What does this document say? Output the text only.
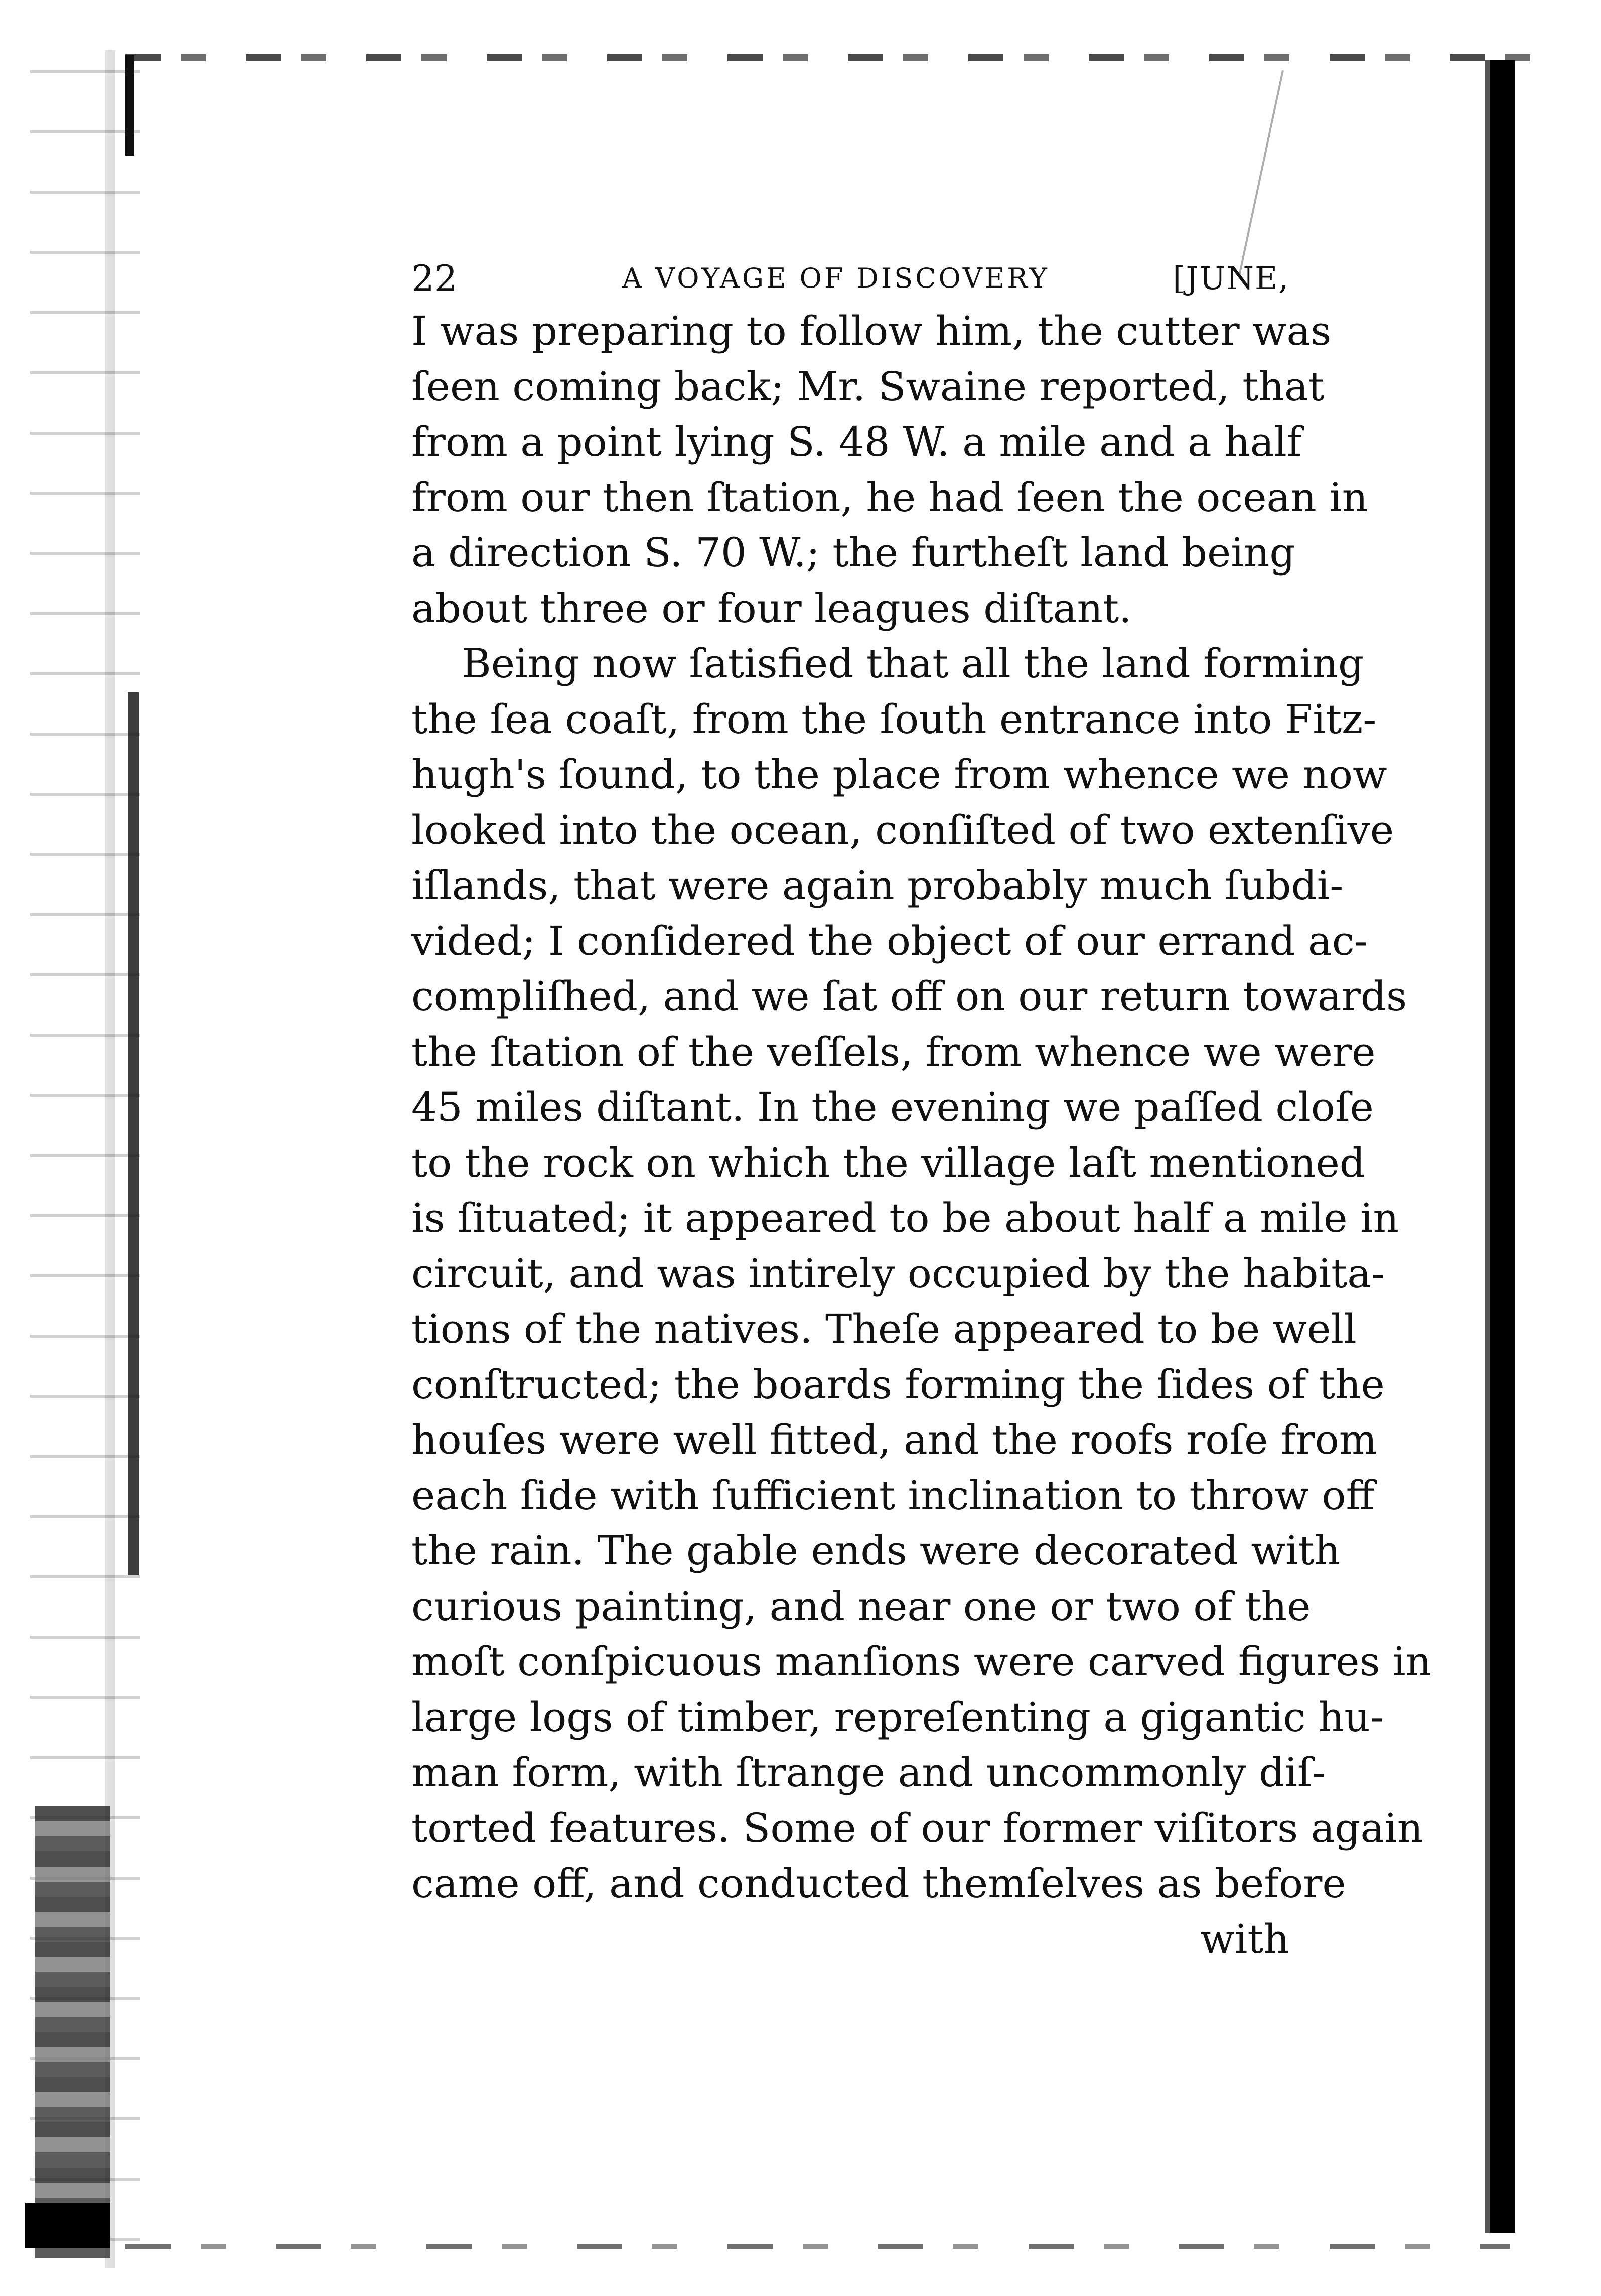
22	A VOYAGE OF DISCOVERY	[JUNE,
I was preparing to follow him, the cutter was
ſeen coming back; Mr. Swaine reported, that
from a point lying S. 48 W. a mile and a half
from our then ſtation, he had ſeen the ocean in
a direction S. 70 W.; the furtheſt land being
about three or four leagues diſtant.
Being now ſatisfied that all the land forming
the ſea coaſt, from the ſouth entrance into Fitz-
hugh's ſound, to the place from whence we now
looked into the ocean, conſiſted of two extenſive
iſlands, that were again probably much ſubdi-
vided; I conſidered the object of our errand ac-
compliſhed, and we ſat off on our return towards
the ſtation of the veſſels, from whence we were
45 miles diſtant. In the evening we paſſed cloſe
to the rock on which the village laſt mentioned
is ſituated; it appeared to be about half a mile in
circuit, and was intirely occupied by the habita-
tions of the natives. Theſe appeared to be well
conſtructed; the boards forming the ſides of the
houſes were well fitted, and the roofs roſe from
each ſide with ſufficient inclination to throw off
the rain. The gable ends were decorated with
curious painting, and near one or two of the
moſt conſpicuous manſions were carved figures in
large logs of timber, repreſenting a gigantic hu-
man form, with ſtrange and uncommonly diſ-
torted features. Some of our former viſitors again
came off, and conducted themſelves as before
with
